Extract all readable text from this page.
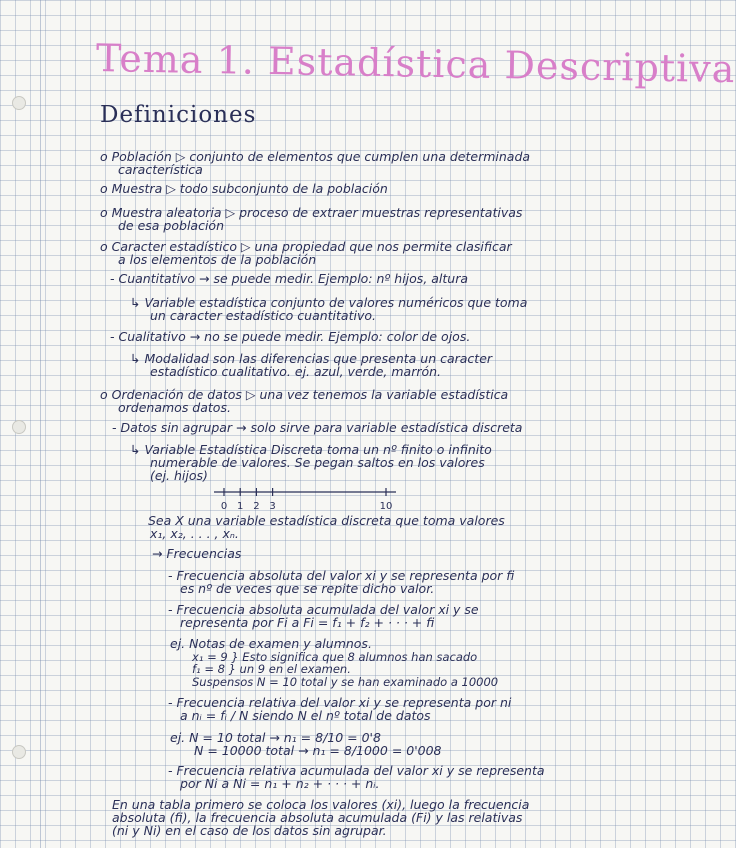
Tema 1. Estadística Descriptiva
Definiciones
o Población ▷ conjunto de elementos que cumplen una determinada
característica
o Muestra ▷ todo subconjunto de la población
o Muestra aleatoria ▷ proceso de extraer muestras representativas
de esa población
o Caracter estadístico ▷ una propiedad que nos permite clasificar
a los elementos de la población
- Cuantitativo → se puede medir. Ejemplo: nº hijos, altura
↳ Variable estadística conjunto de valores numéricos que toma
un caracter estadístico cuantitativo.
- Cualitativo → no se puede medir. Ejemplo: color de ojos.
↳ Modalidad son las diferencias que presenta un caracter
estadístico cualitativo. ej. azul, verde, marrón.
o Ordenación de datos ▷ una vez tenemos la variable estadística
ordenamos datos.
- Datos sin agrupar → solo sirve para variable estadística discreta
↳ Variable Estadística Discreta toma un nº finito o infinito
numerable de valores. Se pegan saltos en los valores
(ej. hijos)
0 1 2 3	10
Sea X una variable estadística discreta que toma valores
x₁, x₂, . . . , xₙ.
→ Frecuencias
- Frecuencia absoluta del valor xi y se representa por fi
es nº de veces que se repite dicho valor.
- Frecuencia absoluta acumulada del valor xi y se
representa por Fi a Fi = f₁ + f₂ + · · · + fi
ej. Notas de examen y alumnos.
x₁ = 9 } Esto significa que 8 alumnos han sacado
f₁ = 8 } un 9 en el examen.
Suspensos N = 10 total y se han examinado a 10000
- Frecuencia relativa del valor xi y se representa por ni
a nᵢ = fᵢ / N siendo N el nº total de datos
ej. N = 10 total → n₁ = 8/10 = 0'8
N = 10000 total → n₁ = 8/1000 = 0'008
- Frecuencia relativa acumulada del valor xi y se representa
por Ni a Ni = n₁ + n₂ + · · · + nᵢ.
En una tabla primero se coloca los valores (xi), luego la frecuencia
absoluta (fi), la frecuencia absoluta acumulada (Fi) y las relativas
(ni y Ni) en el caso de los datos sin agrupar.
